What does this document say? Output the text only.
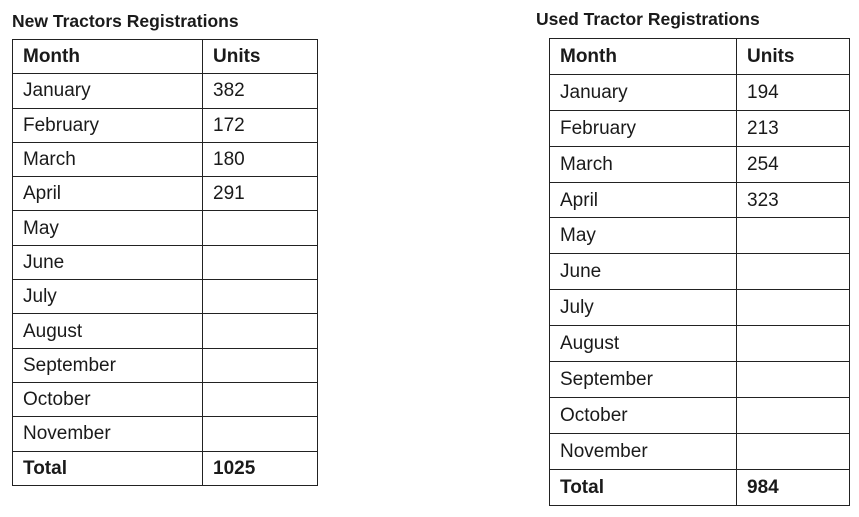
New Tractors Registrations
Month	Units
January	382
February	172
March	180
April	291
May	
June	
July	
August	
September	
October	
November	
Total	1025
Used Tractor Registrations
Month	Units
January	194
February	213
March	254
April	323
May	
June	
July	
August	
September	
October	
November	
Total	984
